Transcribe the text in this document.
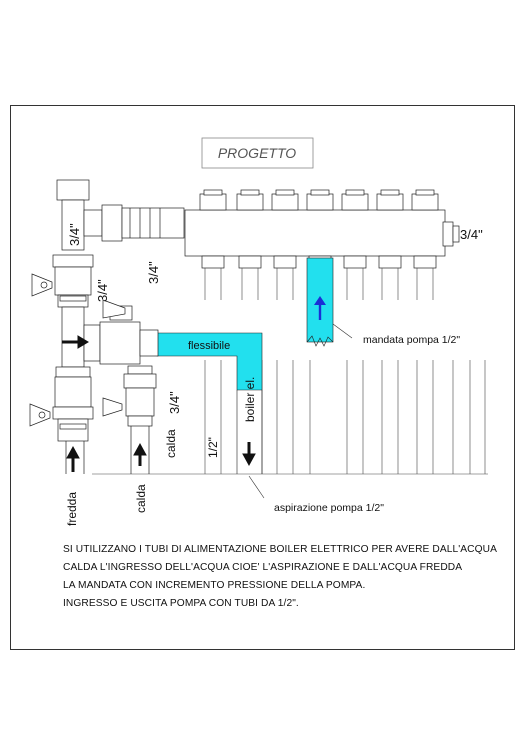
PROGETTO
3/4"
3/4"
3/4"
3/4"
3/4"
flessibile
boiler el.
calda 1/2"
fredda	calda
mandata pompa 1/2"
aspirazione pompa 1/2"
SI UTILIZZANO I TUBI DI ALIMENTAZIONE BOILER ELETTRICO PER AVERE DALL'ACQUA
CALDA L'INGRESSO DELL'ACQUA CIOE' L'ASPIRAZIONE E DALL'ACQUA FREDDA
LA MANDATA CON INCREMENTO PRESSIONE DELLA POMPA.
INGRESSO E USCITA POMPA CON TUBI DA 1/2".
